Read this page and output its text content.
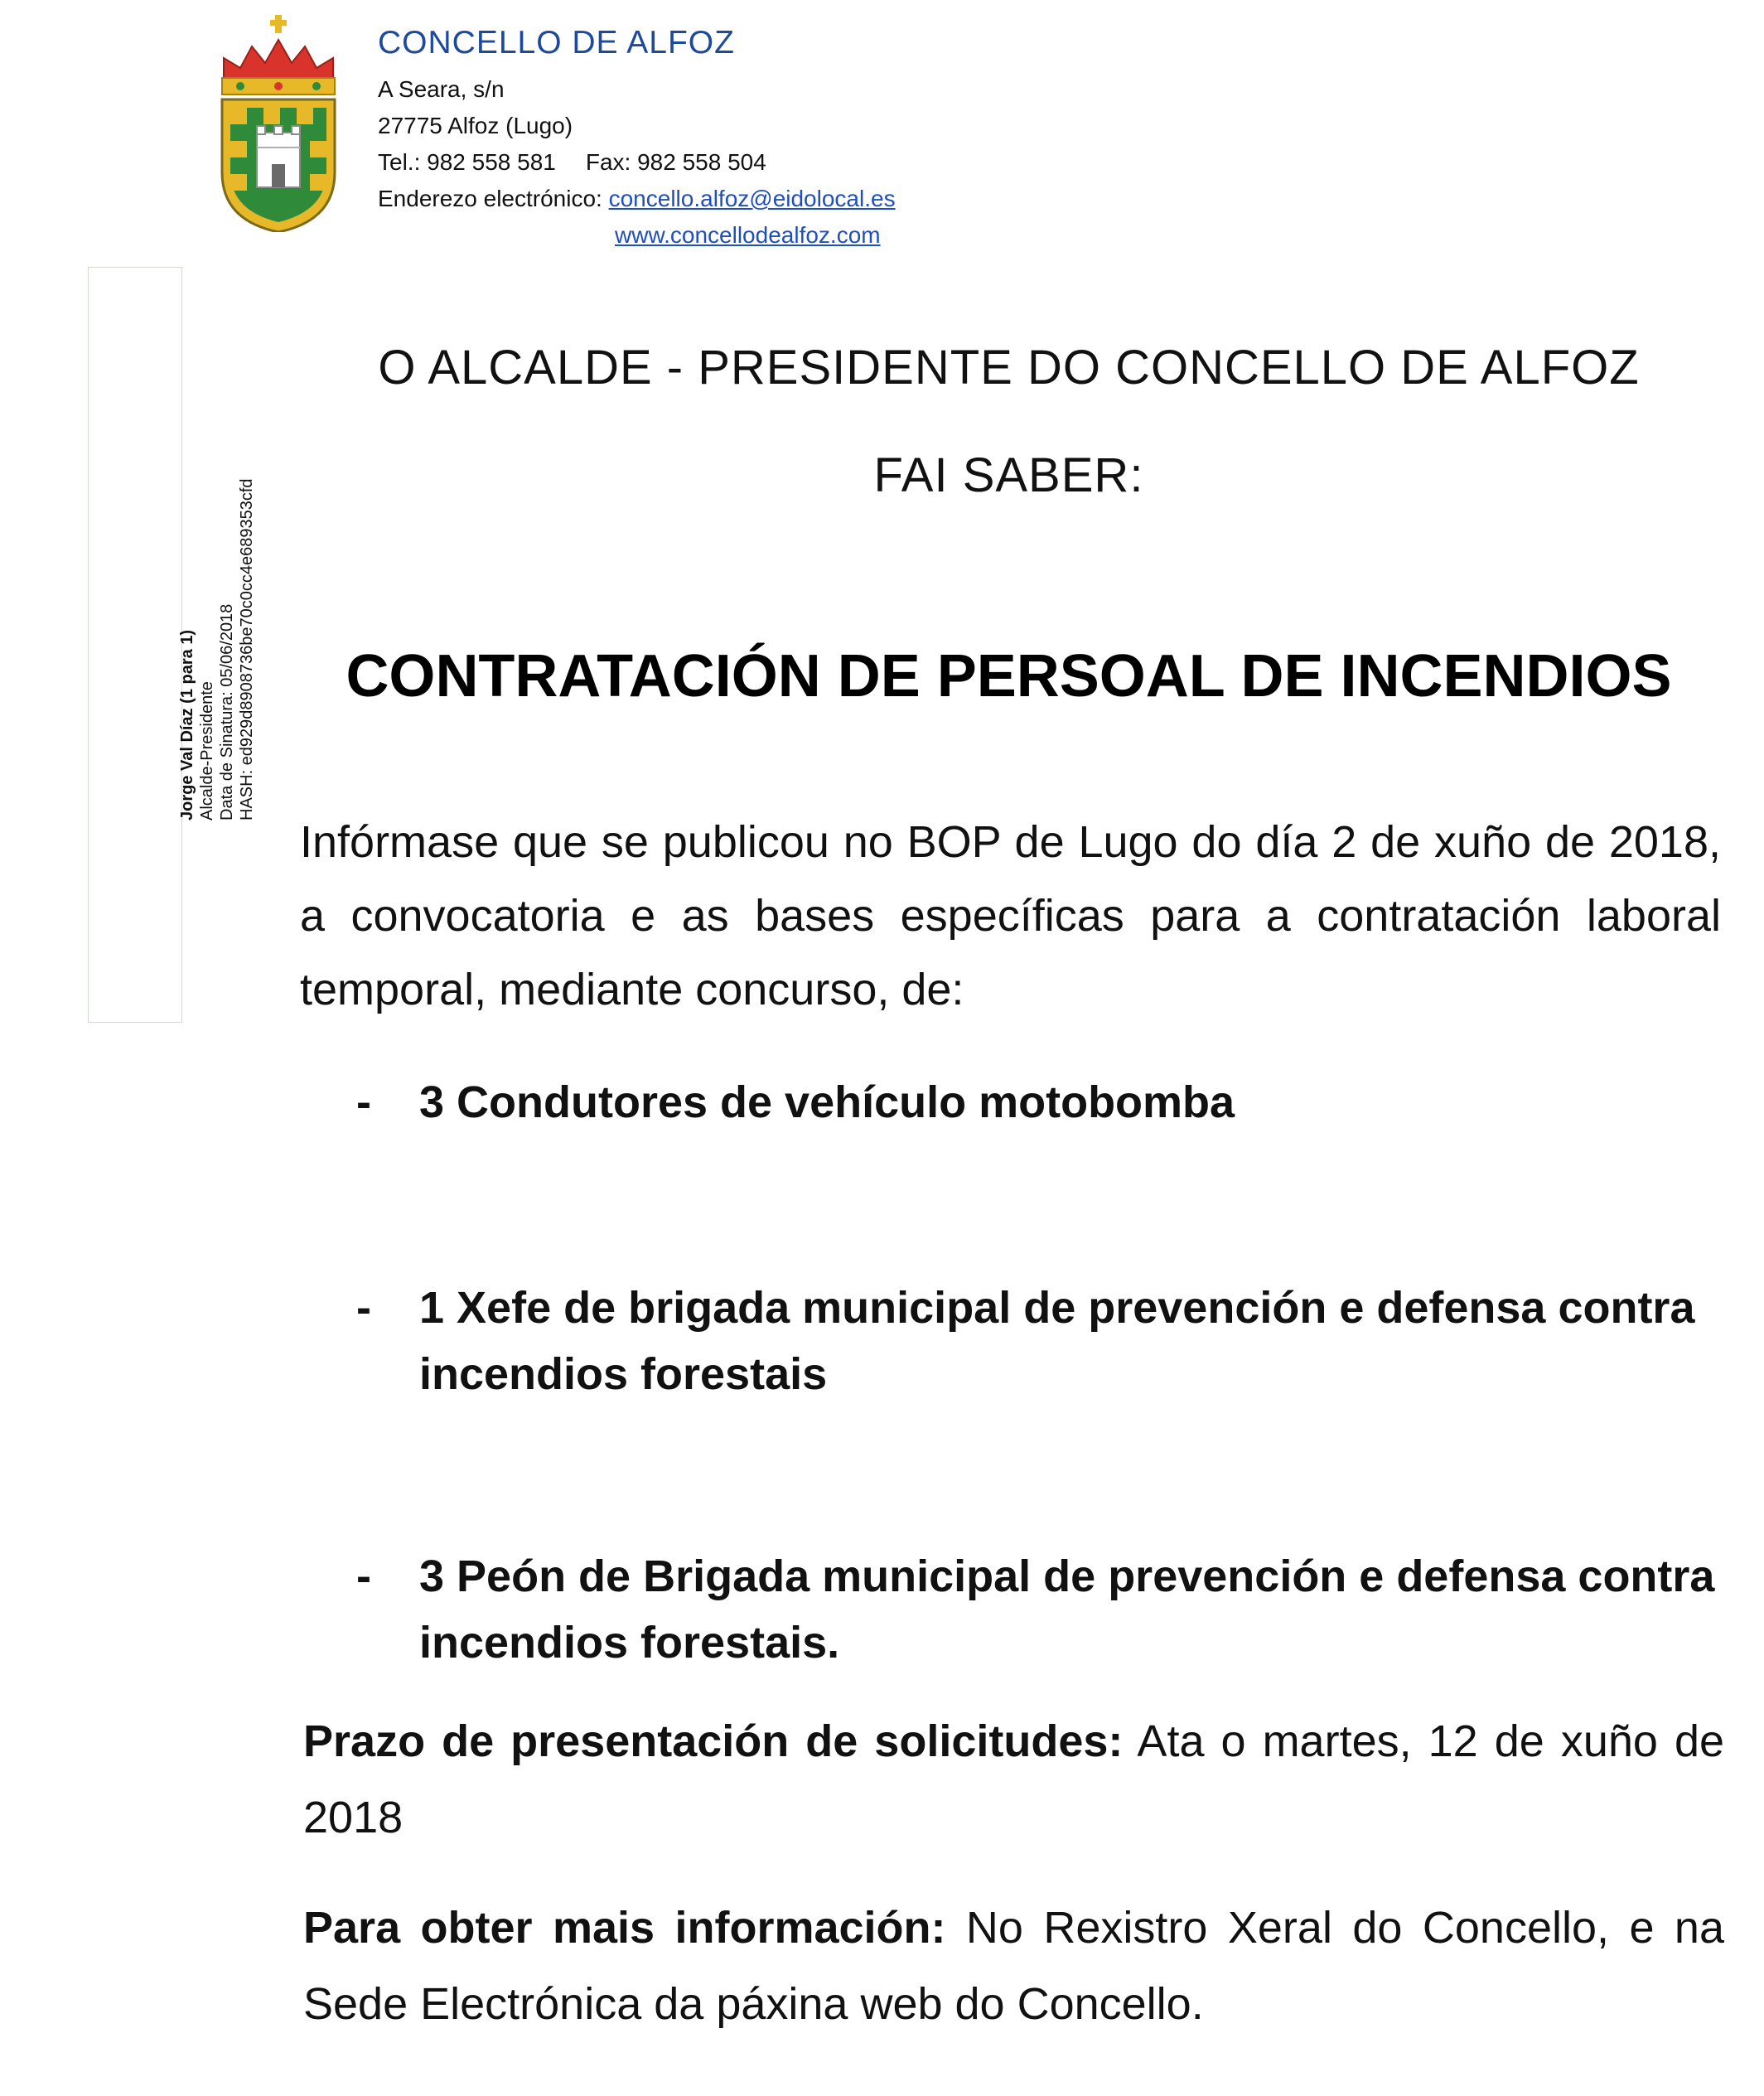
CONCELLO DE ALFOZ
A Seara, s/n
27775 Alfoz (Lugo)
Tel.: 982 558 581 Fax: 982 558 504
Enderezo electrónico: concello.alfoz@eidolocal.es
www.concellodealfoz.com
Jorge Val Díaz (1 para 1) Alcalde-Presidente Data de Sinatura: 05/06/2018 HASH: ed929d8908736be70c0cc4e689353cfd
O ALCALDE - PRESIDENTE DO CONCELLO DE ALFOZ
FAI SABER:
CONTRATACIÓN DE PERSOAL DE INCENDIOS
Infórmase que se publicou no BOP de Lugo do día 2 de xuño de 2018, a convocatoria e as bases específicas para a contratación laboral temporal, mediante concurso, de:
- 3 Condutores de vehículo motobomba
- 1 Xefe de brigada municipal de prevención e defensa contra incendios forestais
- 3 Peón de Brigada municipal de prevención e defensa contra incendios forestais.
Prazo de presentación de solicitudes: Ata o martes, 12 de xuño de 2018
Para obter mais información: No Rexistro Xeral do Concello, e na Sede Electrónica da páxina web do Concello.
